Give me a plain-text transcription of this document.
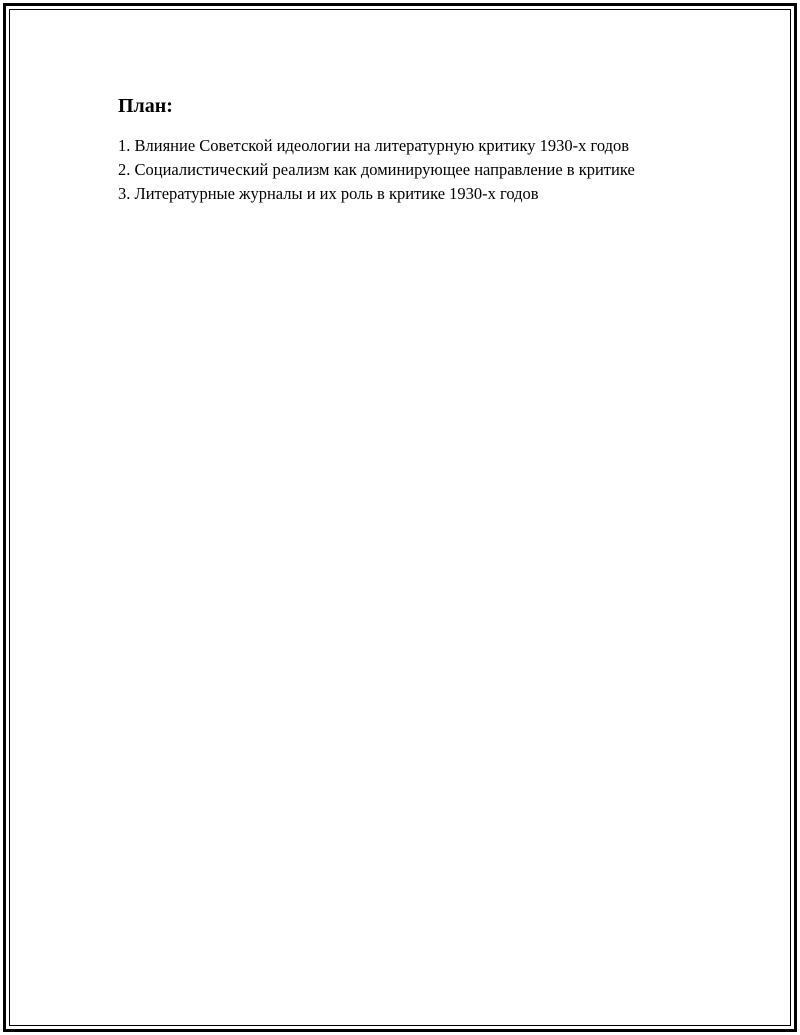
План:
1. Влияние Советской идеологии на литературную критику 1930-х годов
2. Социалистический реализм как доминирующее направление в критике
3. Литературные журналы и их роль в критике 1930-х годов
